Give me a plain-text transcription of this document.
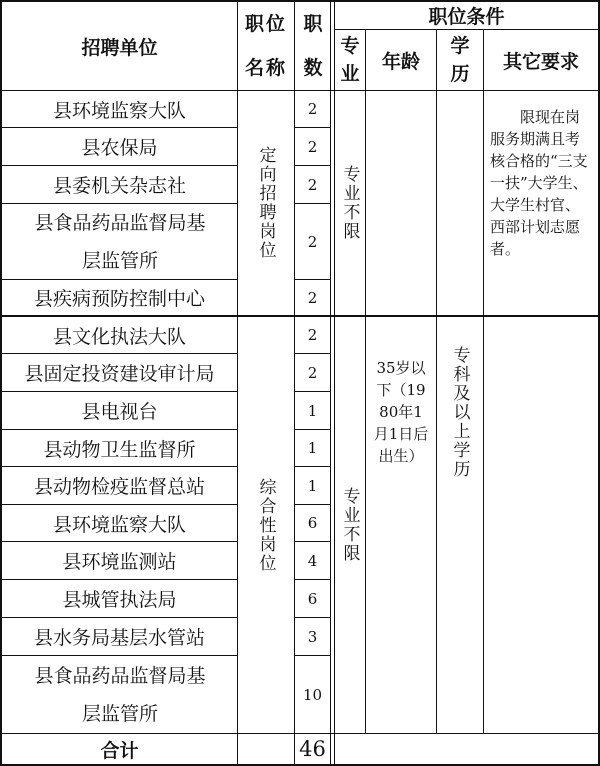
招聘单位
职位名称
职数
职位条件
专业
年龄
学历
其它要求
县环境监察大队
县农保局
县委机关杂志社
县食品药品监督局基层监管所
县疾病预防控制中心
县文化执法大队
县固定投资建设审计局
县电视台
县动物卫生监督所
县动物检疫监督总站
县环境监察大队
县环境监测站
县城管执法局
县水务局基层水管站
县食品药品监督局基层监管所
2
2
2
2
2
2
2
1
1
1
6
4
6
3
10
定向招聘岗位
综合性岗位
专业不限
专业不限
35岁以下（1980年1月1日后出生）	专科及以上学历
限现在岗服务期满且考核合格的“三支一扶”大学生、大学生村官、西部计划志愿者。
合计	46
